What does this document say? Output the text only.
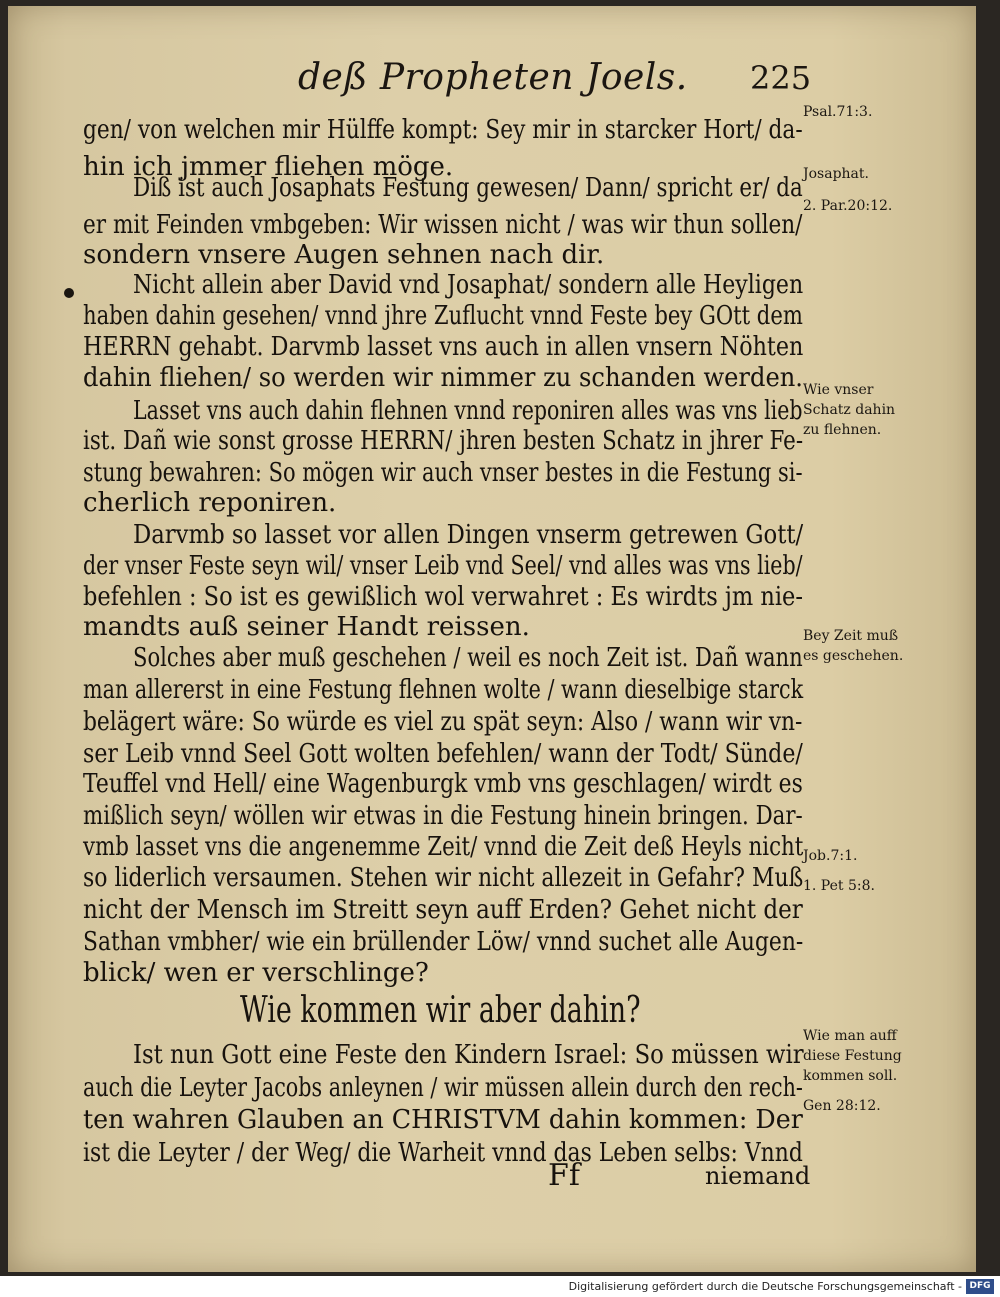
deß Propheten Joels. 225
gen/ von welchen mir Hülffe kompt: Sey mir in starcker Hort/ da-
hin ich jmmer fliehen möge.
Diß ist auch Josaphats Festung gewesen/ Dann/ spricht er/ da
er mit Feinden vmbgeben: Wir wissen nicht / was wir thun sollen/
sondern vnsere Augen sehnen nach dir.
Nicht allein aber David vnd Josaphat/ sondern alle Heyligen
haben dahin gesehen/ vnnd jhre Zuflucht vnnd Feste bey GOtt dem
HERRN gehabt. Darvmb lasset vns auch in allen vnsern Nöhten
dahin fliehen/ so werden wir nimmer zu schanden werden.
Lasset vns auch dahin flehnen vnnd reponiren alles was vns lieb
ist. Dañ wie sonst grosse HERRN/ jhren besten Schatz in jhrer Fe-
stung bewahren: So mögen wir auch vnser bestes in die Festung si-
cherlich reponiren.
Darvmb so lasset vor allen Dingen vnserm getrewen Gott/
der vnser Feste seyn wil/ vnser Leib vnd Seel/ vnd alles was vns lieb/
befehlen : So ist es gewißlich wol verwahret : Es wirdts jm nie-
mandts auß seiner Handt reissen.
Solches aber muß geschehen / weil es noch Zeit ist. Dañ wann
man allererst in eine Festung flehnen wolte / wann dieselbige starck
belägert wäre: So würde es viel zu spät seyn: Also / wann wir vn-
ser Leib vnnd Seel Gott wolten befehlen/ wann der Todt/ Sünde/
Teuffel vnd Hell/ eine Wagenburgk vmb vns geschlagen/ wirdt es
mißlich seyn/ wöllen wir etwas in die Festung hinein bringen. Dar-
vmb lasset vns die angenemme Zeit/ vnnd die Zeit deß Heyls nicht
so liderlich versaumen. Stehen wir nicht allezeit in Gefahr? Muß
nicht der Mensch im Streitt seyn auff Erden? Gehet nicht der
Sathan vmbher/ wie ein brüllender Löw/ vnnd suchet alle Augen-
blick/ wen er verschlinge?
Ist nun Gott eine Feste den Kindern Israel: So müssen wir
auch die Leyter Jacobs anleynen / wir müssen allein durch den rech-
ten wahren Glauben an CHRISTVM dahin kommen: Der
ist die Leyter / der Weg/ die Warheit vnnd das Leben selbs: Vnnd
Wie kommen wir aber dahin?
Psal.71:3.
Josaphat.
2. Par.20:12.
Wie vnser
Schatz dahin
zu flehnen.
Bey Zeit muß
es geschehen.
Job.7:1.
1. Pet 5:8.
Wie man auff
diese Festung
kommen soll.
Gen 28:12.
Ff	niemand
Digitalisierung gefördert durch die Deutsche Forschungsgemeinschaft - DFG
